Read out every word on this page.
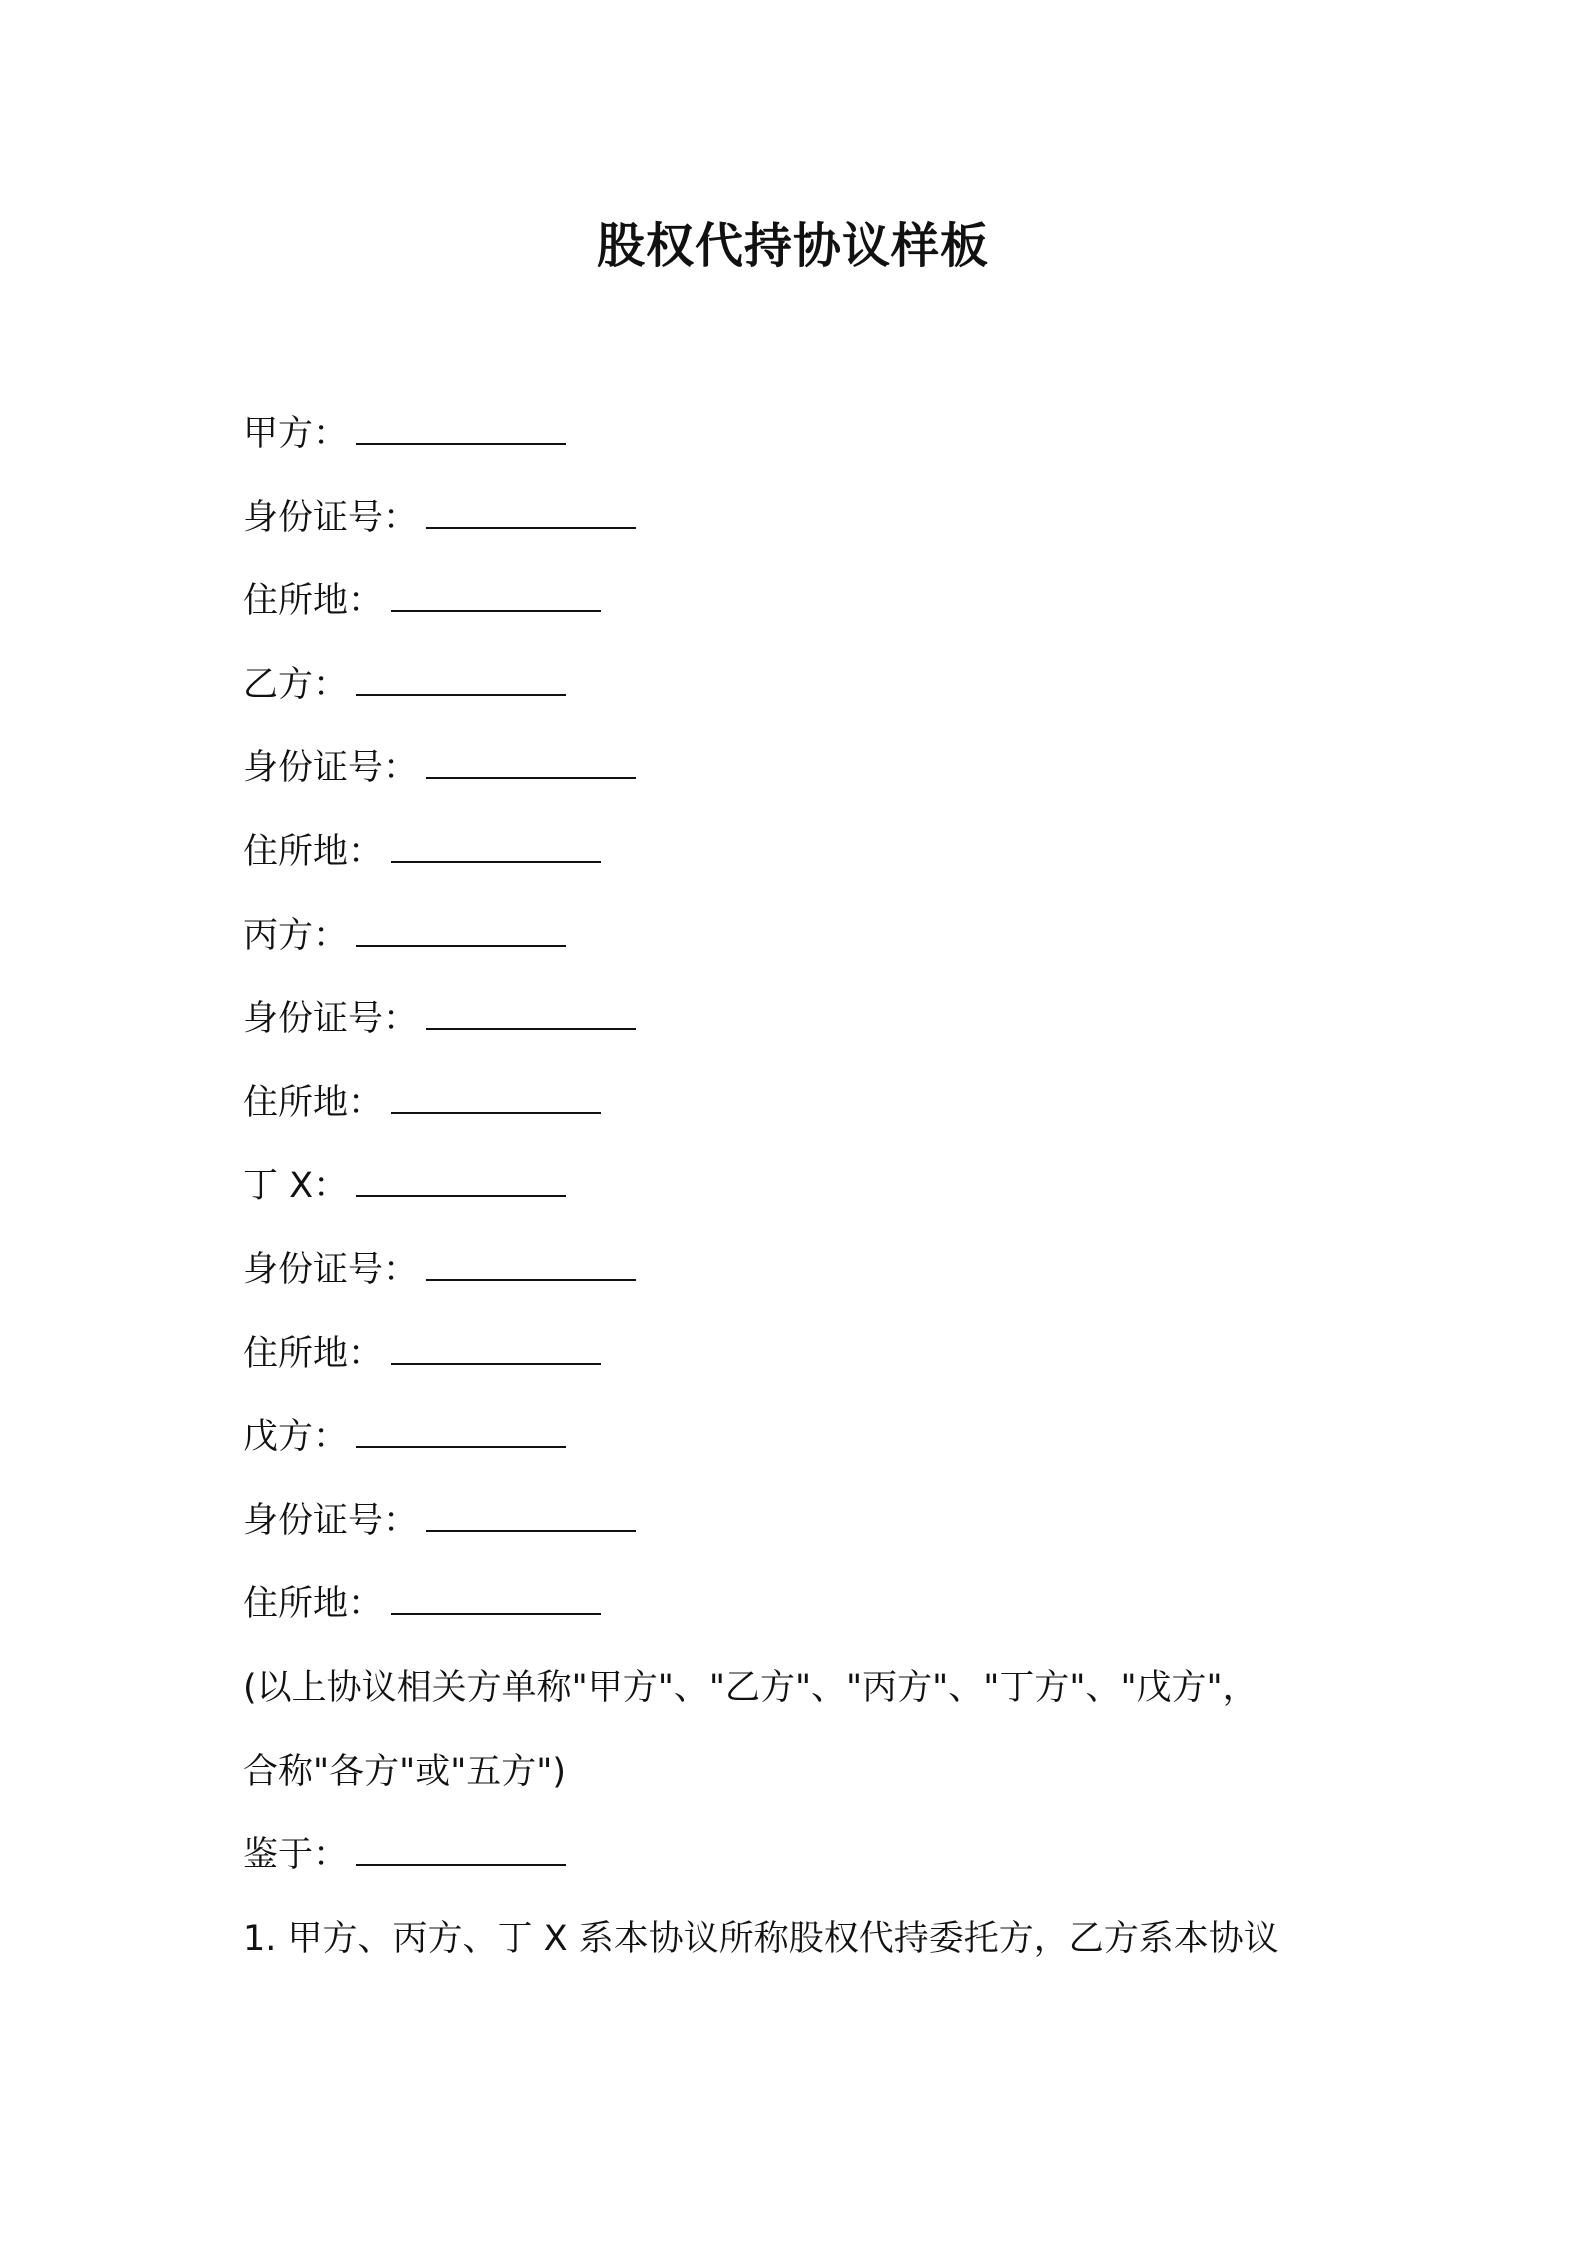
股权代持协议样板
甲方：
身份证号：
住所地：
乙方：
身份证号：
住所地：
丙方：
身份证号：
住所地：
丁 X：
身份证号：
住所地：
戊方：
身份证号：
住所地：
(以上协议相关方单称"甲方"、"乙方"、"丙方"、"丁方"、"戊方"，
合称"各方"或"五方")
鉴于：
1. 甲方、丙方、丁 X 系本协议所称股权代持委托方，乙方系本协议
